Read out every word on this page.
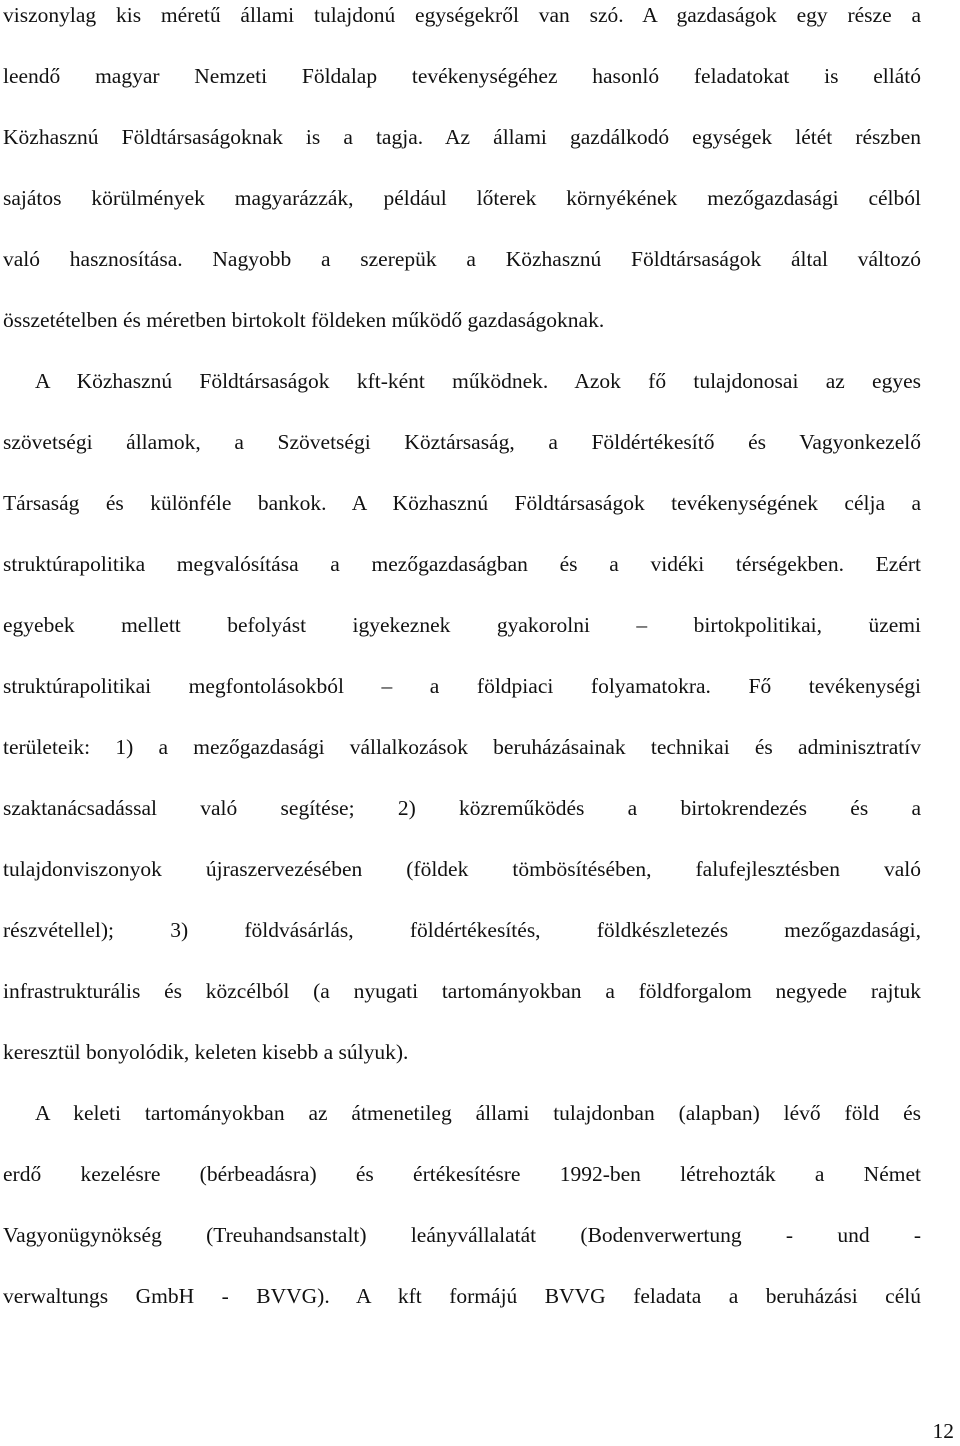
viszonylag kis méretű állami tulajdonú egységekről van szó. A gazdaságok egy része a
leendő magyar Nemzeti Földalap tevékenységéhez hasonló feladatokat is ellátó
Közhasznú Földtársaságoknak is a tagja. Az állami gazdálkodó egységek létét részben
sajátos körülmények magyarázzák, például lőterek környékének mezőgazdasági célból
való hasznosítása. Nagyobb a szerepük a Közhasznú Földtársaságok által változó
összetételben és méretben birtokolt földeken működő gazdaságoknak.
A Közhasznú Földtársaságok kft-ként működnek. Azok fő tulajdonosai az egyes
szövetségi államok, a Szövetségi Köztársaság, a Földértékesítő és Vagyonkezelő
Társaság és különféle bankok. A Közhasznú Földtársaságok tevékenységének célja a
struktúrapolitika megvalósítása a mezőgazdaságban és a vidéki térségekben. Ezért
egyebek mellett befolyást igyekeznek gyakorolni – birtokpolitikai, üzemi
struktúrapolitikai megfontolásokból – a földpiaci folyamatokra. Fő tevékenységi
területeik: 1) a mezőgazdasági vállalkozások beruházásainak technikai és adminisztratív
szaktanácsadással való segítése; 2) közreműködés a birtokrendezés és a
tulajdonviszonyok újraszervezésében (földek tömbösítésében, falufejlesztésben való
részvétellel); 3) földvásárlás, földértékesítés, földkészletezés mezőgazdasági,
infrastrukturális és közcélból (a nyugati tartományokban a földforgalom negyede rajtuk
keresztül bonyolódik, keleten kisebb a súlyuk).
A keleti tartományokban az átmenetileg állami tulajdonban (alapban) lévő föld és
erdő kezelésre (bérbeadásra) és értékesítésre 1992-ben létrehozták a Német
Vagyonügynökség (Treuhandsanstalt) leányvállalatát (Bodenverwertung - und -
verwaltungs GmbH - BVVG). A kft formájú BVVG feladata a beruházási célú
12
